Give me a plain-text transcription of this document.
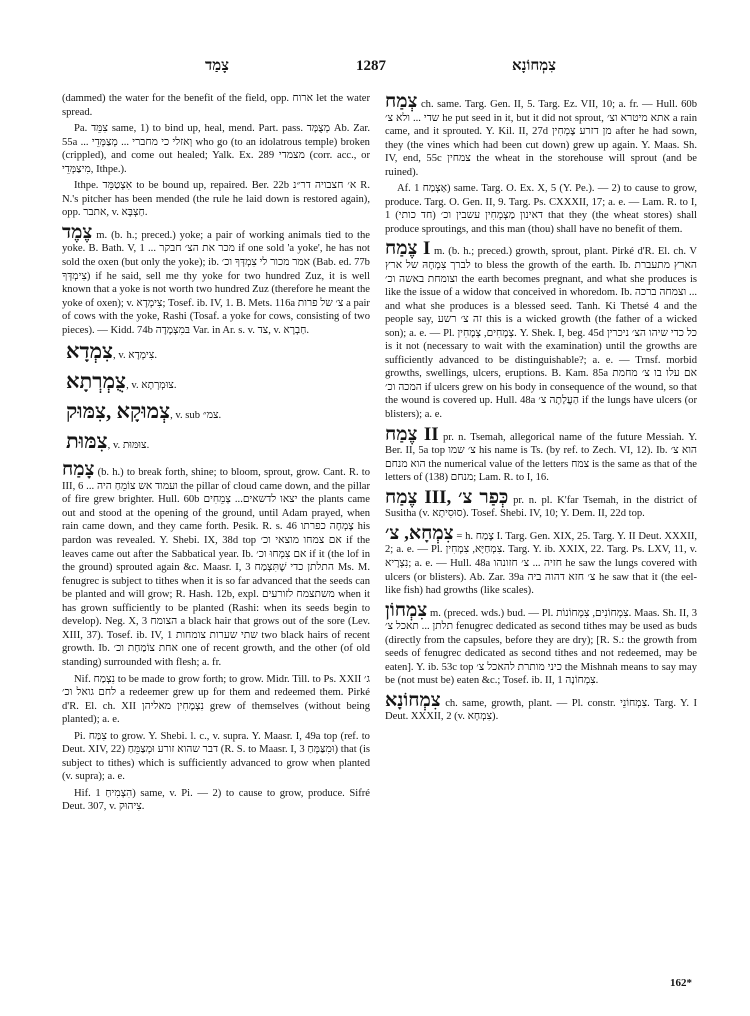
צָמַד	1287	צִמְחוֹנָא
(dammed) the water for the benefit of the field, opp. ארוח let the water spread.
Pa. צִמֵּד same, 1) to bind up, heal, mend. Part. pass. מְצֻמָּד Ab. Zar. 55a ... וְאזלי כי מחברי ... מְצַמְּדֵי who go (to an idolatrous temple) broken (crippled), and come out healed; Yalk. Ex. 289 מצמדי (corr. acc., or מִיצַמְּדֵי, Ithpe.).
Ithpe. אִצְטַמֵּד to be bound up, repaired. Ber. 22b א׳ חצבויה דר״נ R. N.'s pitcher has been mended (the rule he laid down is restored again), opp. אתבר, v. חַצְבָּא.
צֶמֶד m. (b. h.; preced.) yoke; a pair of working animals tied to the yoke. B. Bath. V, 1 ... מכר את הצ׳ חבקר if one sold 'a yoke', he has not sold the oxen (but only the yoke); ib. אמר מכור לי צִמְדְּךָ וכ׳ (Bab. ed. 77b צִימְדְּךָ) if he said, sell me thy yoke for two hundred Zuz, it is well known that a yoke is not worth two hundred Zuz (therefore he meant the yoke of oxen); v. צִימְדָא; Tosef. ib. IV, 1. B. Mets. 116a צ׳ של פרות a pair of cows with the yoke, Rashi (Tosaf. a yoke for cows, consisting of two pieces). — Kidd. 74b בּמִצְמָדָה Var. in Ar. s. v. צד, v. חַבְרָא.
צִמְדָא, v. צִימְדָא.
צֻמְרְתָא, v. צוּמְרְתָא.
צְמוּקָא ,צִמּוּק, v. sub צמ״.
צִמּוּת, v. צוּמּוּת.
צָמַח (b. h.) to break forth, shine; to bloom, sprout, grow. Cant. R. to III, 6 ... ועמוד אש צוֹמֵחַ היה the pillar of cloud came down, and the pillar of fire grew brighter. Hull. 60b יצאו לדשאים... צְמֵחִים the plants came out and stood at the opening of the ground, until Adam prayed, when rain came down, and they came forth. Pesik. R. s. 46 צָמְחָה כפרתו his pardon was revealed. Y. Shebi. IX, 38d top אם צמחו מוצאי וכ׳ if the leaves came out after the Sabbatical year. Ib. אם צִמְחוּ וכ׳ if it (the lof in the ground) sprouted again &c. Maasr. I, 3 התלתן כדי שֶׁתִּצְמַח Ms. M. fenugrec is subject to tithes when it is so far advanced that the seeds can be planted and will grow; R. Hash. 12b, expl. משתצמח לזורעים when it has grown sufficiently to be planted (Rashi: when its seeds begin to develop). Neg. X, 3 הצומח a black hair that grows out of the sore (Lev. XIII, 37). Tosef. ib. IV, 1 שתי שערות צומחות two black hairs of recent growth. Ib. אחת צוֹמַחַת וכ׳ one of recent growth, and the other (of old standing) surrounded with flesh; a. fr.
Nif. נִצְמַח to be made to grow forth; to grow. Midr. Till. to Ps. XXII ג׳ לחם גואל וכ׳ a redeemer grew up for them and redeemed them. Pirké d'R. El. ch. XII נִצְמָחִין מאליהן grew of themselves (without being planted); a. e.
Pi. צִמַּח to grow. Y. Shebi. l. c., v. supra. Y. Maasr. I, 49a top (ref. to Deut. XIV, 22) דבר שהוא זורע וּמְצַמֵּחַ (R. S. to Maasr. I, 3 וּמִצַּמְּחַ) that (is subject to tithes) which is sufficiently advanced to grow when planted (v. supra); a. e.
Hif. הִצְמִיחַ 1) same, v. Pi. — 2) to cause to grow, produce. Sifré Deut. 307, v. צִיהוּק.
צְמַח ch. same. Targ. Gen. II, 5. Targ. Ez. VII, 10; a. fr. — Hull. 60b שדי ... ולא צ׳ he put seed in it, but it did not sprout, אתא מיטרא וצ׳ a rain came, and it sprouted. Y. Kil. II, 27d מן דזרע צָמְחִין after he had sown, they (the vines which had been cut down) grew up again. Y. Maas. Sh. IV, end, 55c צמחין the wheat in the storehouse will sprout (and be ruined).
Af. אַצְמַח 1) same. Targ. O. Ex. X, 5 (Y. Pe.). — 2) to cause to grow, produce. Targ. O. Gen. II, 9. Targ. Ps. CXXXII, 17; a. e. — Lam. R. to I, 1 (חד כותי) דאינון מַצְמְחִין עשבין וכ׳ that they (the wheat stores) shall produce sproutings, and this man (thou) shall have no benefit of them.
צֶמַח I m. (b. h.; preced.) growth, sprout, plant. Pirké d'R. El. ch. V לברך צִמְחָהּ של ארץ to bless the growth of the earth. Ib. הארץ מתעברת וצומחת באשה וכ׳ the earth becomes pregnant, and what she produces is like the issue of a widow that conceived in whoredom. Ib. וצמחה ברכה ... and what she produces is a blessed seed. Tanh. Ki Thetsé 4 and the people say, זה צ׳ רשע this is a wicked growth (the father of a wicked son); a. e. — Pl. צְמָחִים, צְמָחִין. Y. Shek. I, beg. 45d כל כדי שיהו הצ׳ ניכרין is it not (necessary to wait with the examination) until the growths are sufficiently advanced to be distinguishable?; a. e. — Trnsf. morbid growths, swellings, ulcers, eruptions. B. Kam. 85a אם עלו בו צ׳ מחמת המכה וכ׳ if ulcers grew on his body in consequence of the wound, so that the wound is covered up. Hull. 48a הַעֲלַתָה צ׳ if the lungs have ulcers (or blisters); a. e.
צֶמַח II pr. n. Tsemah, allegorical name of the future Messiah. Y. Ber. II, 5a top צ׳ שמו his name is Ts. (by ref. to Zech. VI, 12). Ib. הוא צ׳ הוא מנחם the numerical value of the letters צמח is the same as that of the letters of מנחם (138); Lam. R. to I, 16.
צֶמַח III, כְּפַר צ׳ pr. n. pl. K'far Tsemah, in the district of Susitha (v. סוּסִיתָא). Tosef. Shebi. IV, 10; Y. Dem. II, 22d top.
צִמְחָא, צ׳ = h. צֶמַח I. Targ. Gen. XIX, 25. Targ. Y. II Deut. XXXII, 2; a. e. — Pl. צִמְחַיָּא, צִמְחִין. Targ. Y. ib. XXIX, 22. Targ. Ps. LXV, 11, v. נִצְרָיא; a. e. — Hull. 48a חזיה ... צ׳ חזונהו he saw the lungs covered with ulcers (or blisters). Ab. Zar. 39a צ׳ חזא דהוה ביה he saw that it (the eel-like fish) had growths (like scales).
צִמְחוֹן m. (preced. wds.) bud. — Pl. צִמְחוֹנִים, צִמְחוֹנוֹת. Maas. Sh. II, 3 תלתן ... תאכל צ׳ fenugrec dedicated as second tithes may be used as buds (directly from the capsules, before they are dry); [R. S.: the growth from seeds of fenugrec dedicated as second tithes and not redeemed, may be eaten]. Y. ib. 53c top כיני מותרת להאכל צ׳ the Mishnah means to say may be (not must be) eaten &c.; Tosef. ib. II, 1 צִמְחוֹנָה.
צִמְחוֹנָא ch. same, growth, plant. — Pl. constr. צִמְחוֹנֵי. Targ. Y. I Deut. XXXII, 2 (v. צִמְחָא).
162*
